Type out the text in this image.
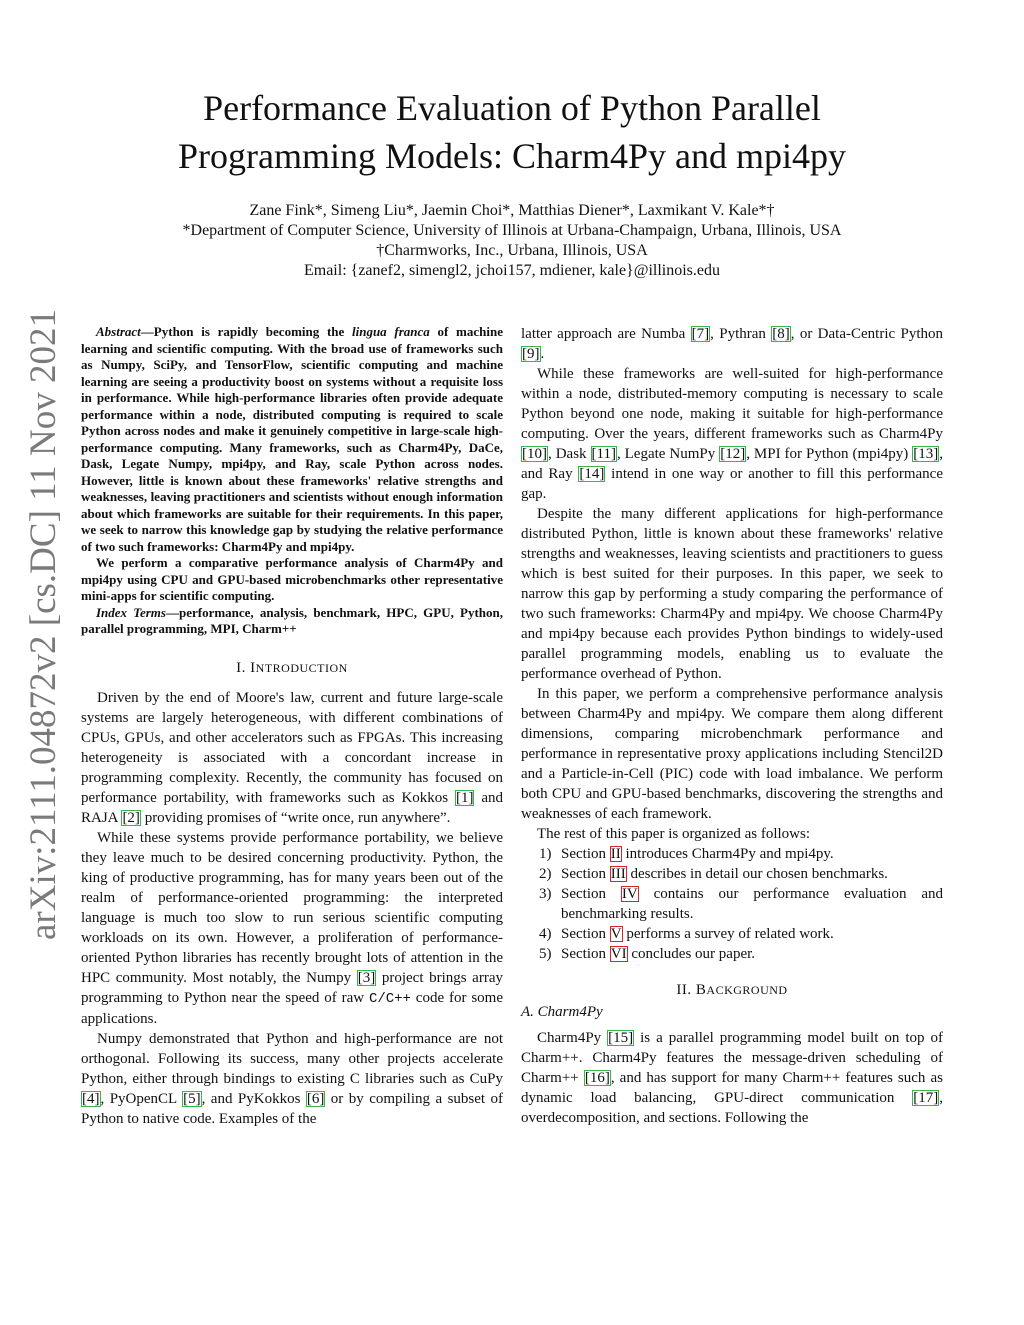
Performance Evaluation of Python Parallel
Programming Models: Charm4Py and mpi4py
Zane Fink*, Simeng Liu*, Jaemin Choi*, Matthias Diener*, Laxmikant V. Kale*†
*Department of Computer Science, University of Illinois at Urbana-Champaign, Urbana, Illinois, USA
†Charmworks, Inc., Urbana, Illinois, USA
Email: {zanef2, simengl2, jchoi157, mdiener, kale}@illinois.edu
arXiv:2111.04872v2 [cs.DC] 11 Nov 2021	Abstract—Python is rapidly becoming the lingua franca of machine learning and scientific computing. With the broad use of frameworks such as Numpy, SciPy, and TensorFlow, scientific computing and machine learning are seeing a productivity boost on systems without a requisite loss in performance. While high-performance libraries often provide adequate performance within a node, distributed computing is required to scale Python across nodes and make it genuinely competitive in large-scale high-performance computing. Many frameworks, such as Charm4Py, DaCe, Dask, Legate Numpy, mpi4py, and Ray, scale Python across nodes. However, little is known about these frameworks' relative strengths and weaknesses, leaving practitioners and scientists without enough information about which frameworks are suitable for their requirements. In this paper, we seek to narrow this knowledge gap by studying the relative performance of two such frameworks: Charm4Py and mpi4py.

We perform a comparative performance analysis of Charm4Py and mpi4py using CPU and GPU-based microbenchmarks other representative mini-apps for scientific computing.

Index Terms—performance, analysis, benchmark, HPC, GPU, Python, parallel programming, MPI, Charm++

I. INTRODUCTION

Driven by the end of Moore's law, current and future large-scale systems are largely heterogeneous, with different combinations of CPUs, GPUs, and other accelerators such as FPGAs. This increasing heterogeneity is associated with a concordant increase in programming complexity. Recently, the community has focused on performance portability, with frameworks such as Kokkos [1] and RAJA [2] providing promises of “write once, run anywhere”.

While these systems provide performance portability, we believe they leave much to be desired concerning productivity. Python, the king of productive programming, has for many years been out of the realm of performance-oriented programming: the interpreted language is much too slow to run serious scientific computing workloads on its own. However, a proliferation of performance-oriented Python libraries has recently brought lots of attention in the HPC community. Most notably, the Numpy [3] project brings array programming to Python near the speed of raw C/C++ code for some applications.

Numpy demonstrated that Python and high-performance are not orthogonal. Following its success, many other projects accelerate Python, either through bindings to existing C libraries such as CuPy [4], PyOpenCL [5], and PyKokkos [6] or by compiling a subset of Python to native code. Examples of the

latter approach are Numba [7], Pythran [8], or Data-Centric Python [9].

While these frameworks are well-suited for high-performance within a node, distributed-memory computing is necessary to scale Python beyond one node, making it suitable for high-performance computing. Over the years, different frameworks such as Charm4Py [10], Dask [11], Legate NumPy [12], MPI for Python (mpi4py) [13], and Ray [14] intend in one way or another to fill this performance gap.

Despite the many different applications for high-performance distributed Python, little is known about these frameworks' relative strengths and weaknesses, leaving scientists and practitioners to guess which is best suited for their purposes. In this paper, we seek to narrow this gap by performing a study comparing the performance of two such frameworks: Charm4Py and mpi4py. We choose Charm4Py and mpi4py because each provides Python bindings to widely-used parallel programming models, enabling us to evaluate the performance overhead of Python.

In this paper, we perform a comprehensive performance analysis between Charm4Py and mpi4py. We compare them along different dimensions, comparing microbenchmark performance and performance in representative proxy applications including Stencil2D and a Particle-in-Cell (PIC) code with load imbalance. We perform both CPU and GPU-based benchmarks, discovering the strengths and weaknesses of each framework.

The rest of this paper is organized as follows:

1) Section II introduces Charm4Py and mpi4py.
2) Section III describes in detail our chosen benchmarks.
3) Section IV contains our performance evaluation and benchmarking results.
4) Section V performs a survey of related work.
5) Section VI concludes our paper.
II. BACKGROUND

A. Charm4Py

Charm4Py [15] is a parallel programming model built on top of Charm++. Charm4Py features the message-driven scheduling of Charm++ [16], and has support for many Charm++ features such as dynamic load balancing, GPU-direct communication [17], overdecomposition, and sections. Following the
